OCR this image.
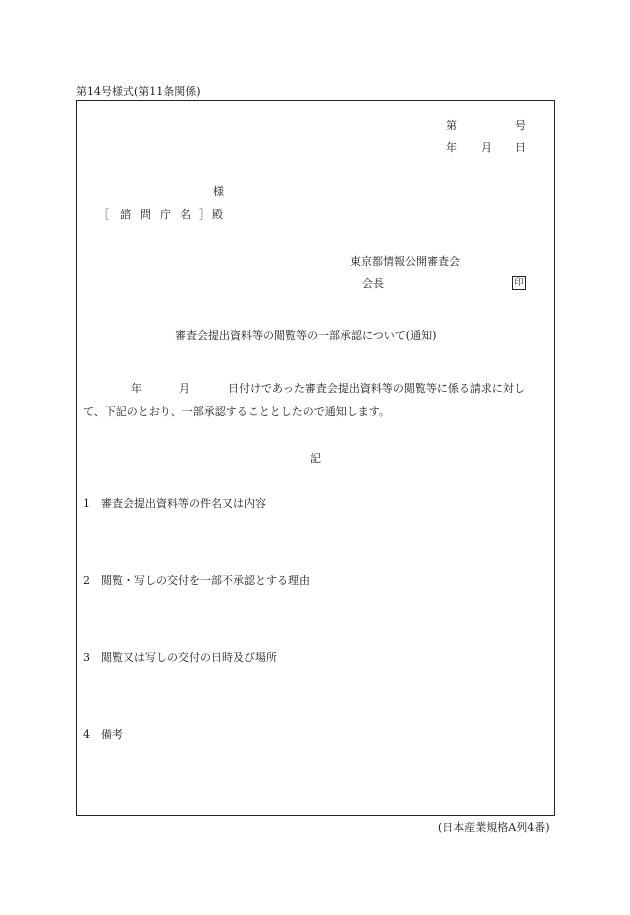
第14号様式(第11条関係)
第	号
年 月 日
様
［ 諮問庁名 ］ 殿
東京都情報公開審査会
会長	印
審査会提出資料等の閲覧等の一部承認について(通知)
年	月	日付けであった審査会提出資料等の閲覧等に係る請求に対し
て、下記のとおり、一部承認することとしたので通知します。
記
1 審査会提出資料等の件名又は内容
2 閲覧・写しの交付を一部不承認とする理由
3 閲覧又は写しの交付の日時及び場所
4 備考
(日本産業規格A列4番)
